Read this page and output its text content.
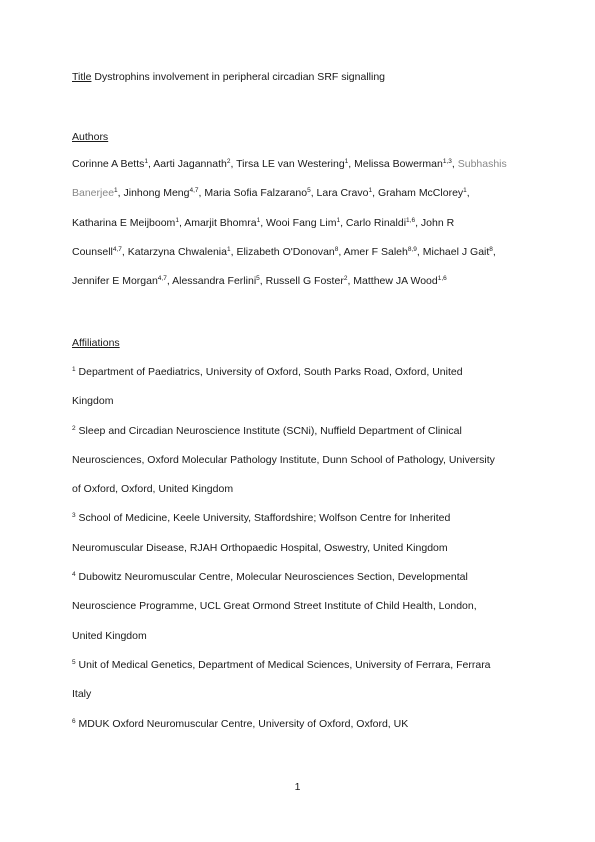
Title Dystrophins involvement in peripheral circadian SRF signalling
Authors
Corinne A Betts$^1$, Aarti Jagannath$^2$, Tirsa LE van Westering$^1$, Melissa Bowerman$^{1,3}$, Subhashis
Banerjee$^1$, Jinhong Meng$^{4,7}$, Maria Sofia Falzarano$^5$, Lara Cravo$^1$, Graham McClorey$^1$,
Katharina E Meijboom$^1$, Amarjit Bhomra$^1$, Wooi Fang Lim$^1$, Carlo Rinaldi$^{1,6}$, John R
Counsell$^{4,7}$, Katarzyna Chwalenia$^1$, Elizabeth O'Donovan$^8$, Amer F Saleh$^{8,9}$, Michael J Gait$^8$,
Jennifer E Morgan$^{4,7}$, Alessandra Ferlini$^5$, Russell G Foster$^2$, Matthew JA Wood$^{1,6}$
Affiliations
$^1$ Department of Paediatrics, University of Oxford, South Parks Road, Oxford, United
Kingdom
$^2$ Sleep and Circadian Neuroscience Institute (SCNi), Nuffield Department of Clinical
Neurosciences, Oxford Molecular Pathology Institute, Dunn School of Pathology, University
of Oxford, Oxford, United Kingdom
$^3$ School of Medicine, Keele University, Staffordshire; Wolfson Centre for Inherited
Neuromuscular Disease, RJAH Orthopaedic Hospital, Oswestry, United Kingdom
$^4$ Dubowitz Neuromuscular Centre, Molecular Neurosciences Section, Developmental
Neuroscience Programme, UCL Great Ormond Street Institute of Child Health, London,
United Kingdom
$^5$ Unit of Medical Genetics, Department of Medical Sciences, University of Ferrara, Ferrara
Italy
$^6$ MDUK Oxford Neuromuscular Centre, University of Oxford, Oxford, UK
1
